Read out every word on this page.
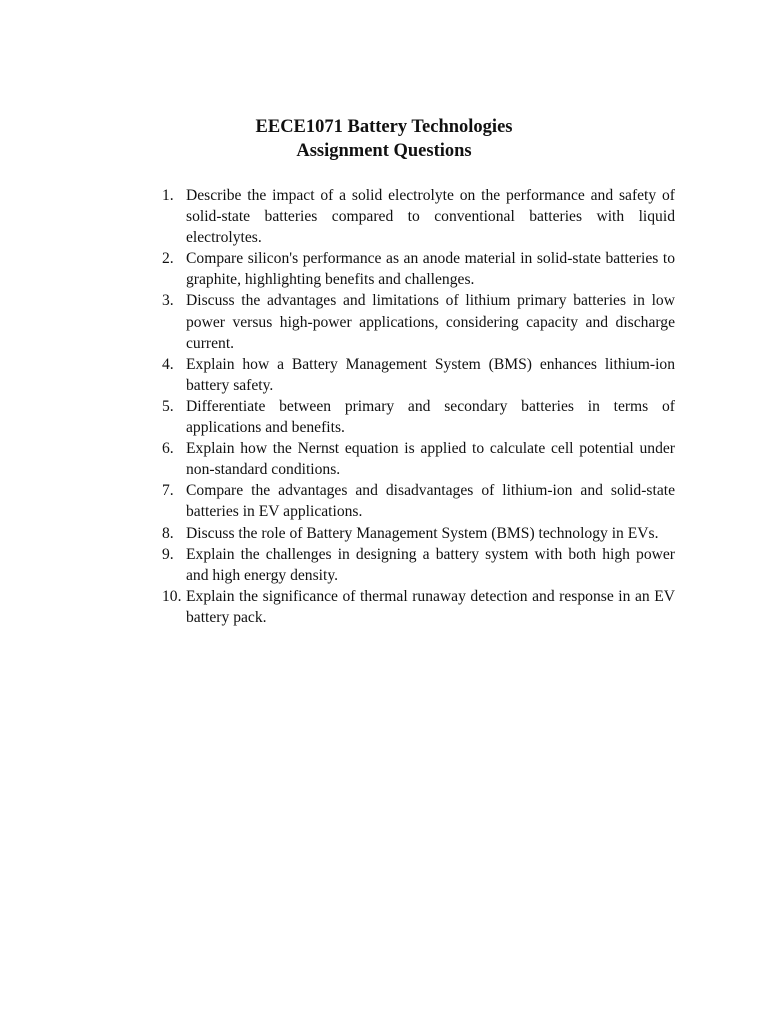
EECE1071 Battery Technologies
Assignment Questions
1. Describe the impact of a solid electrolyte on the performance and safety of solid-state batteries compared to conventional batteries with liquid electrolytes.
2. Compare silicon's performance as an anode material in solid-state batteries to graphite, highlighting benefits and challenges.
3. Discuss the advantages and limitations of lithium primary batteries in low power versus high-power applications, considering capacity and discharge current.
4. Explain how a Battery Management System (BMS) enhances lithium-ion battery safety.
5. Differentiate between primary and secondary batteries in terms of applications and benefits.
6. Explain how the Nernst equation is applied to calculate cell potential under non-standard conditions.
7. Compare the advantages and disadvantages of lithium-ion and solid-state batteries in EV applications.
8. Discuss the role of Battery Management System (BMS) technology in EVs.
9. Explain the challenges in designing a battery system with both high power and high energy density.
10. Explain the significance of thermal runaway detection and response in an EV battery pack.
